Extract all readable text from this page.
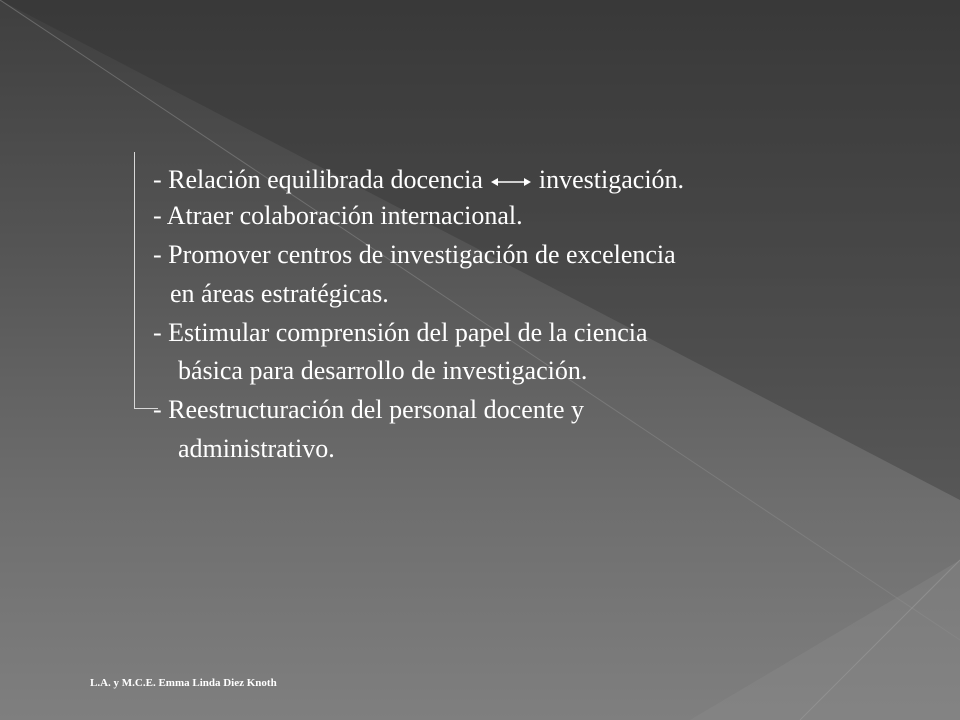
- Relación equilibrada docencia investigación.
- Atraer colaboración internacional.
- Promover centros de investigación de excelencia
en áreas estratégicas.
- Estimular comprensión del papel de la ciencia
básica para desarrollo de investigación.
- Reestructuración del personal docente y
administrativo.
L.A. y M.C.E. Emma Linda Diez Knoth
